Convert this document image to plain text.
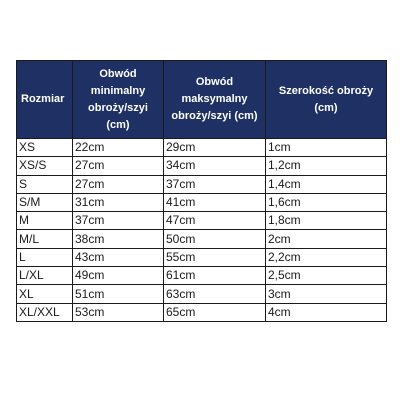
Rozmiar	Obwód minimalny obroży/szyi (cm)	Obwód maksymalny obroży/szyi (cm)	Szerokość obroży (cm)
XS	22cm	29cm	1cm
XS/S	27cm	34cm	1,2cm
S	27cm	37cm	1,4cm
S/M	31cm	41cm	1,6cm
M	37cm	47cm	1,8cm
M/L	38cm	50cm	2cm
L	43cm	55cm	2,2cm
L/XL	49cm	61cm	2,5cm
XL	51cm	63cm	3cm
XL/XXL	53cm	65cm	4cm
